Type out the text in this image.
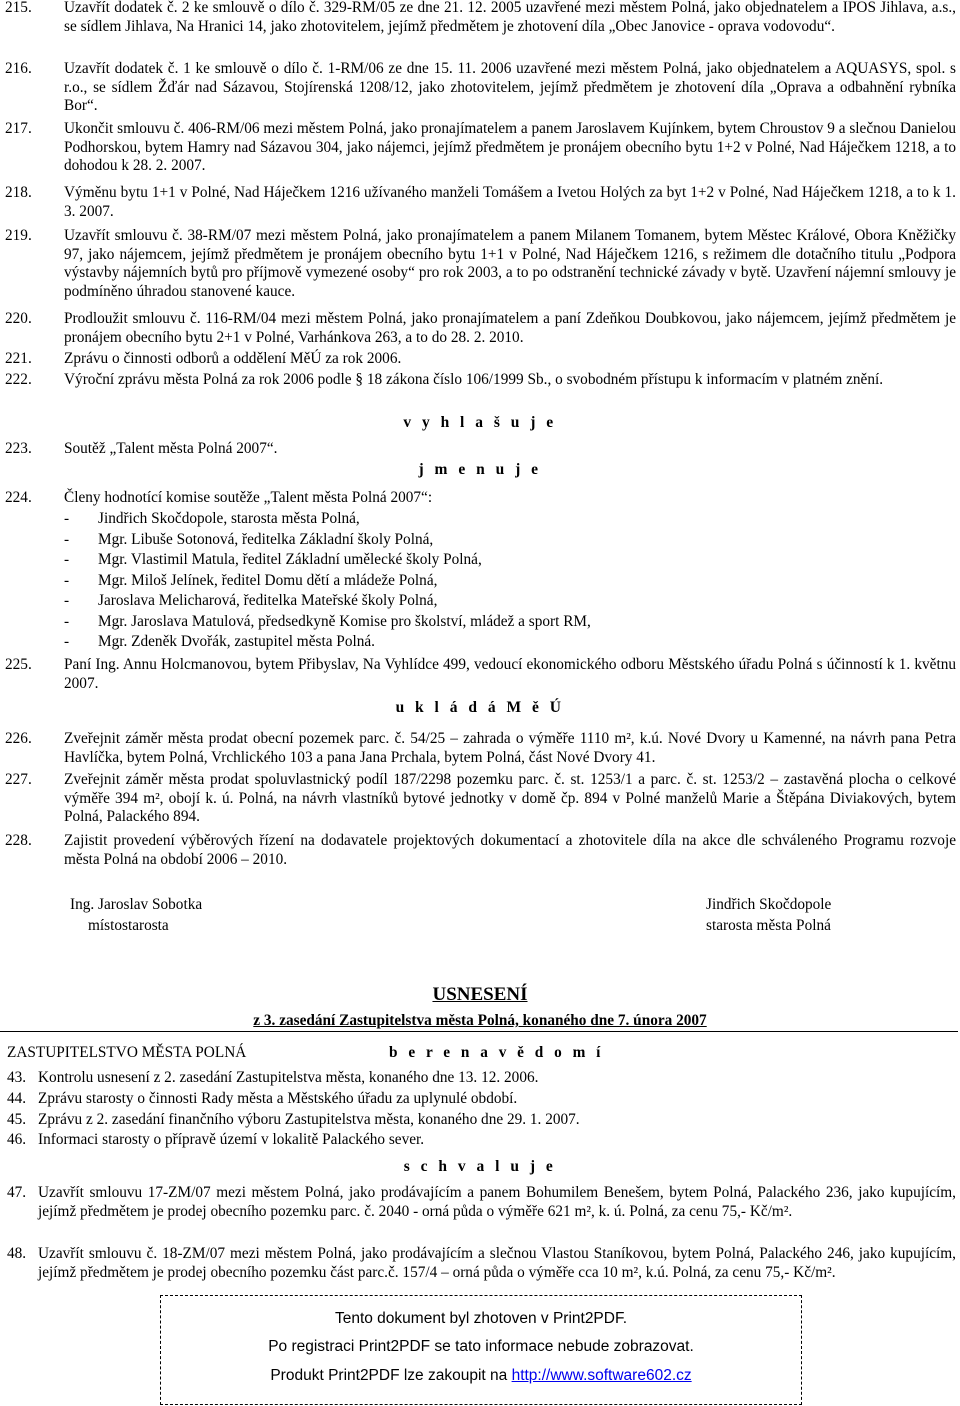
215. Uzavřít dodatek č. 2 ke smlouvě o dílo č. 329-RM/05 ze dne 21. 12. 2005 uzavřené mezi městem Polná, jako objednatelem a IPOS Jihlava, a.s., se sídlem Jihlava, Na Hranici 14, jako zhotovitelem, jejímž předmětem je zhotovení díla „Obec Janovice - oprava vodovodu“.
216. Uzavřít dodatek č. 1 ke smlouvě o dílo č. 1-RM/06 ze dne 15. 11. 2006 uzavřené mezi městem Polná, jako objednatelem a AQUASYS, spol. s r.o., se sídlem Žďár nad Sázavou, Stojírenská 1208/12, jako zhotovitelem, jejímž předmětem je zhotovení díla „Oprava a odbahnění rybníka Bor“.
217. Ukončit smlouvu č. 406-RM/06 mezi městem Polná, jako pronajímatelem a panem Jaroslavem Kujínkem, bytem Chroustov 9 a slečnou Danielou Podhorskou, bytem Hamry nad Sázavou 304, jako nájemci, jejímž předmětem je pronájem obecního bytu 1+2 v Polné, Nad Háječkem 1218, a to dohodou k 28. 2. 2007.
218. Výměnu bytu 1+1 v Polné, Nad Háječkem 1216 užívaného manželi Tomášem a Ivetou Holých za byt 1+2 v Polné, Nad Háječkem 1218, a to k 1. 3. 2007.
219. Uzavřít smlouvu č. 38-RM/07 mezi městem Polná, jako pronajímatelem a panem Milanem Tomanem, bytem Městec Králové, Obora Kněžičky 97, jako nájemcem, jejímž předmětem je pronájem obecního bytu 1+1 v Polné, Nad Háječkem 1216, s režimem dle dotačního titulu „Podpora výstavby nájemních bytů pro příjmově vymezené osoby“ pro rok 2003, a to po odstranění technické závady v bytě. Uzavření nájemní smlouvy je podmíněno úhradou stanovené kauce.
220. Prodloužit smlouvu č. 116-RM/04 mezi městem Polná, jako pronajímatelem a paní Zdeňkou Doubkovou, jako nájemcem, jejímž předmětem je pronájem obecního bytu 2+1 v Polné, Varhánkova 263, a to do 28. 2. 2010.
221. Zprávu o činnosti odborů a oddělení MěÚ za rok 2006.
222. Výroční zprávu města Polná za rok 2006 podle § 18 zákona číslo 106/1999 Sb., o svobodném přístupu k informacím v platném znění.
v y h l a š u j e
223. Soutěž „Talent města Polná 2007“.
j m e n u j e
224. Členy hodnotící komise soutěže „Talent města Polná 2007“:
- Jindřich Skočdopole, starosta města Polná,
- Mgr. Libuše Sotonová, ředitelka Základní školy Polná,
- Mgr. Vlastimil Matula, ředitel Základní umělecké školy Polná,
- Mgr. Miloš Jelínek, ředitel Domu dětí a mládeže Polná,
- Jaroslava Melicharová, ředitelka Mateřské školy Polná,
- Mgr. Jaroslava Matulová, předsedkyně Komise pro školství, mládež a sport RM,
- Mgr. Zdeněk Dvořák, zastupitel města Polná.
225. Paní Ing. Annu Holcmanovou, bytem Přibyslav, Na Vyhlídce 499, vedoucí ekonomického odboru Městského úřadu Polná s účinností k 1. květnu 2007.
u k l á d á M ě Ú
226. Zveřejnit záměr města prodat obecní pozemek parc. č. 54/25 – zahrada o výměře 1110 m², k.ú. Nové Dvory u Kamenné, na návrh pana Petra Havlíčka, bytem Polná, Vrchlického 103 a pana Jana Prchala, bytem Polná, část Nové Dvory 41.
227. Zveřejnit záměr města prodat spoluvlastnický podíl 187/2298 pozemku parc. č. st. 1253/1 a parc. č. st. 1253/2 – zastavěná plocha o celkové výměře 394 m², obojí k. ú. Polná, na návrh vlastníků bytové jednotky v domě čp. 894 v Polné manželů Marie a Štěpána Diviakových, bytem Polná, Palackého 894.
228. Zajistit provedení výběrových řízení na dodavatele projektových dokumentací a zhotovitele díla na akce dle schváleného Programu rozvoje města Polná na období 2006 – 2010.
Ing. Jaroslav Sobotka
místostarosta
Jindřich Skočdopole
starosta města Polná
USNESENÍ
z 3. zasedání Zastupitelstva města Polná, konaného dne 7. února 2007
ZASTUPITELSTVO MĚSTA POLNÁ	b e r e n a v ě d o m í
43. Kontrolu usnesení z 2. zasedání Zastupitelstva města, konaného dne 13. 12. 2006.
44. Zprávu starosty o činnosti Rady města a Městského úřadu za uplynulé období.
45. Zprávu z 2. zasedání finančního výboru Zastupitelstva města, konaného dne 29. 1. 2007.
46. Informaci starosty o přípravě území v lokalitě Palackého sever.
s c h v a l u j e
47. Uzavřít smlouvu 17-ZM/07 mezi městem Polná, jako prodávajícím a panem Bohumilem Benešem, bytem Polná, Palackého 236, jako kupujícím, jejímž předmětem je prodej obecního pozemku parc. č. 2040 - orná půda o výměře 621 m², k. ú. Polná, za cenu 75,- Kč/m².
48. Uzavřít smlouvu č. 18-ZM/07 mezi městem Polná, jako prodávajícím a slečnou Vlastou Staníkovou, bytem Polná, Palackého 246, jako kupujícím, jejímž předmětem je prodej obecního pozemku část parc.č. 157/4 – orná půda o výměře cca 10 m², k.ú. Polná, za cenu 75,- Kč/m².
Tento dokument byl zhotoven v Print2PDF.
Po registraci Print2PDF se tato informace nebude zobrazovat.
Produkt Print2PDF lze zakoupit na http://www.software602.cz
